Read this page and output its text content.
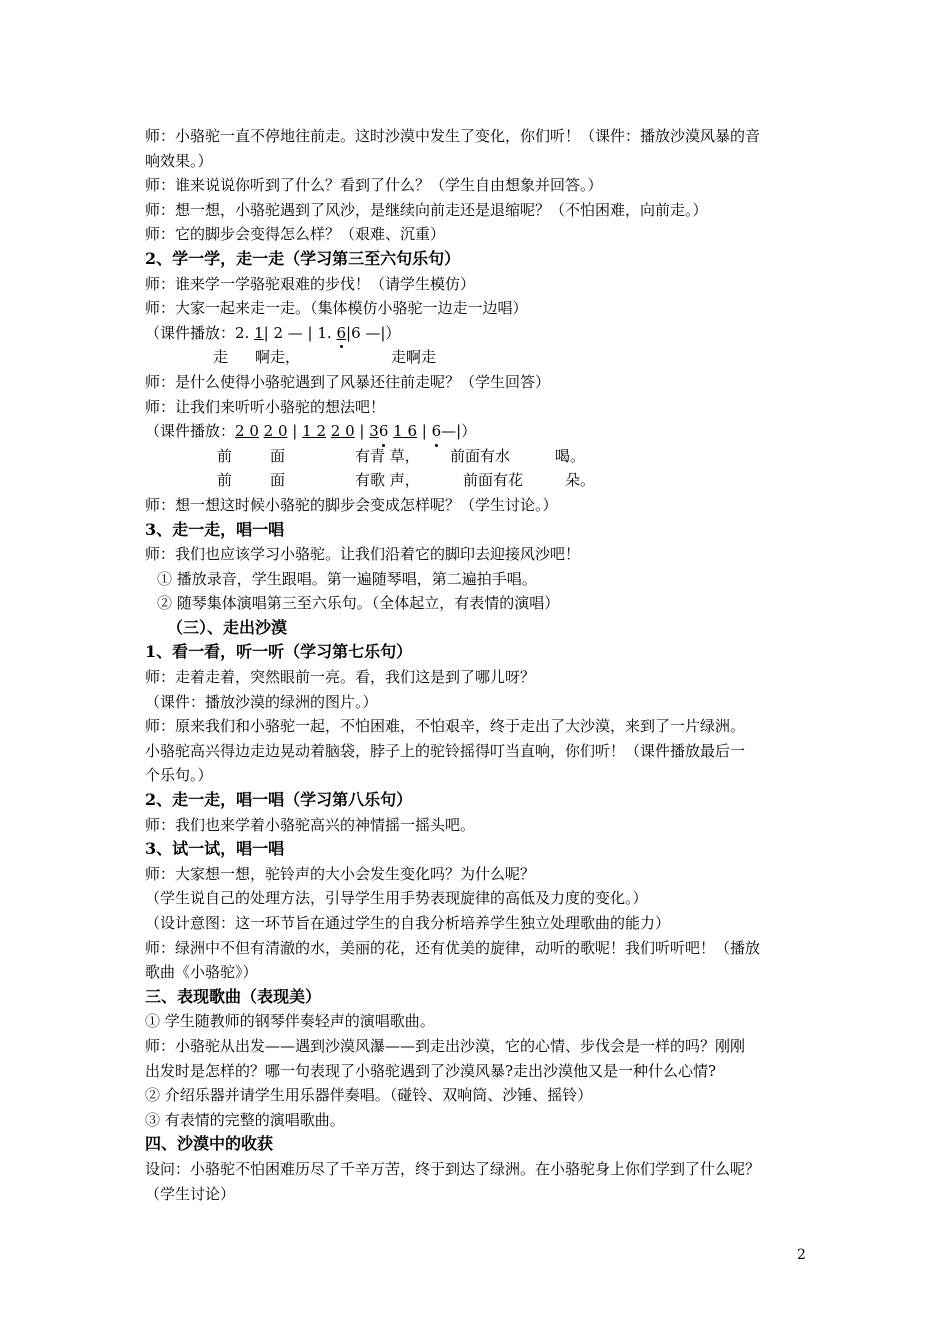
师：小骆驼一直不停地往前走。这时沙漠中发生了变化，你们听！（课件：播放沙漠风暴的音
响效果。）
师：谁来说说你听到了什么？看到了什么？（学生自由想象并回答。）
师：想一想，小骆驼遇到了风沙，是继续向前走还是退缩呢？（不怕困难，向前走。）
师：它的脚步会变得怎么样？（艰难、沉重）
2、学一学，走一走（学习第三至六句乐句）
师：谁来学一学骆驼艰难的步伐！（请学生模仿）
师：大家一起来走一走。（集体模仿小骆驼一边走一边唱）
（课件播放：2. 1| 2 — | 1. 6|6 —|）
走 啊走，	走啊走
师：是什么使得小骆驼遇到了风暴还往前走呢？（学生回答）
师：让我们来听听小骆驼的想法吧！
（课件播放：2 0 2 0 | 1 2 2 0 | 36 1 6 | 6—|）
前	面	有青 草， 前面有水	喝。
前	面	有歌 声，	前面有花	朵。
师：想一想这时候小骆驼的脚步会变成怎样呢？（学生讨论。）
3、走一走，唱一唱
师：我们也应该学习小骆驼。让我们沿着它的脚印去迎接风沙吧！
① 播放录音，学生跟唱。第一遍随琴唱，第二遍拍手唱。
② 随琴集体演唱第三至六乐句。（全体起立，有表情的演唱）
（三）、走出沙漠
1、看一看，听一听（学习第七乐句）
师：走着走着，突然眼前一亮。看，我们这是到了哪儿呀？
（课件：播放沙漠的绿洲的图片。）
师：原来我们和小骆驼一起，不怕困难，不怕艰辛，终于走出了大沙漠，来到了一片绿洲。
小骆驼高兴得边走边晃动着脑袋，脖子上的驼铃摇得叮当直响，你们听！（课件播放最后一
个乐句。）
2、走一走，唱一唱（学习第八乐句）
师：我们也来学着小骆驼高兴的神情摇一摇头吧。
3、试一试，唱一唱
师：大家想一想，驼铃声的大小会发生变化吗？为什么呢？
（学生说自己的处理方法，引导学生用手势表现旋律的高低及力度的变化。）
（设计意图：这一环节旨在通过学生的自我分析培养学生独立处理歌曲的能力）
师：绿洲中不但有清澈的水，美丽的花，还有优美的旋律，动听的歌呢！我们听听吧！（播放
歌曲《小骆驼》）
三、表现歌曲（表现美）
① 学生随教师的钢琴伴奏轻声的演唱歌曲。
师：小骆驼从出发——遇到沙漠风瀑——到走出沙漠，它的心情、步伐会是一样的吗？刚刚
出发时是怎样的？哪一句表现了小骆驼遇到了沙漠风暴?走出沙漠他又是一种什么心情?
② 介绍乐器并请学生用乐器伴奏唱。（碰铃、双响筒、沙锤、摇铃）
③ 有表情的完整的演唱歌曲。
四、沙漠中的收获
设问：小骆驼不怕困难历尽了千辛万苦，终于到达了绿洲。在小骆驼身上你们学到了什么呢？
（学生讨论）
2
